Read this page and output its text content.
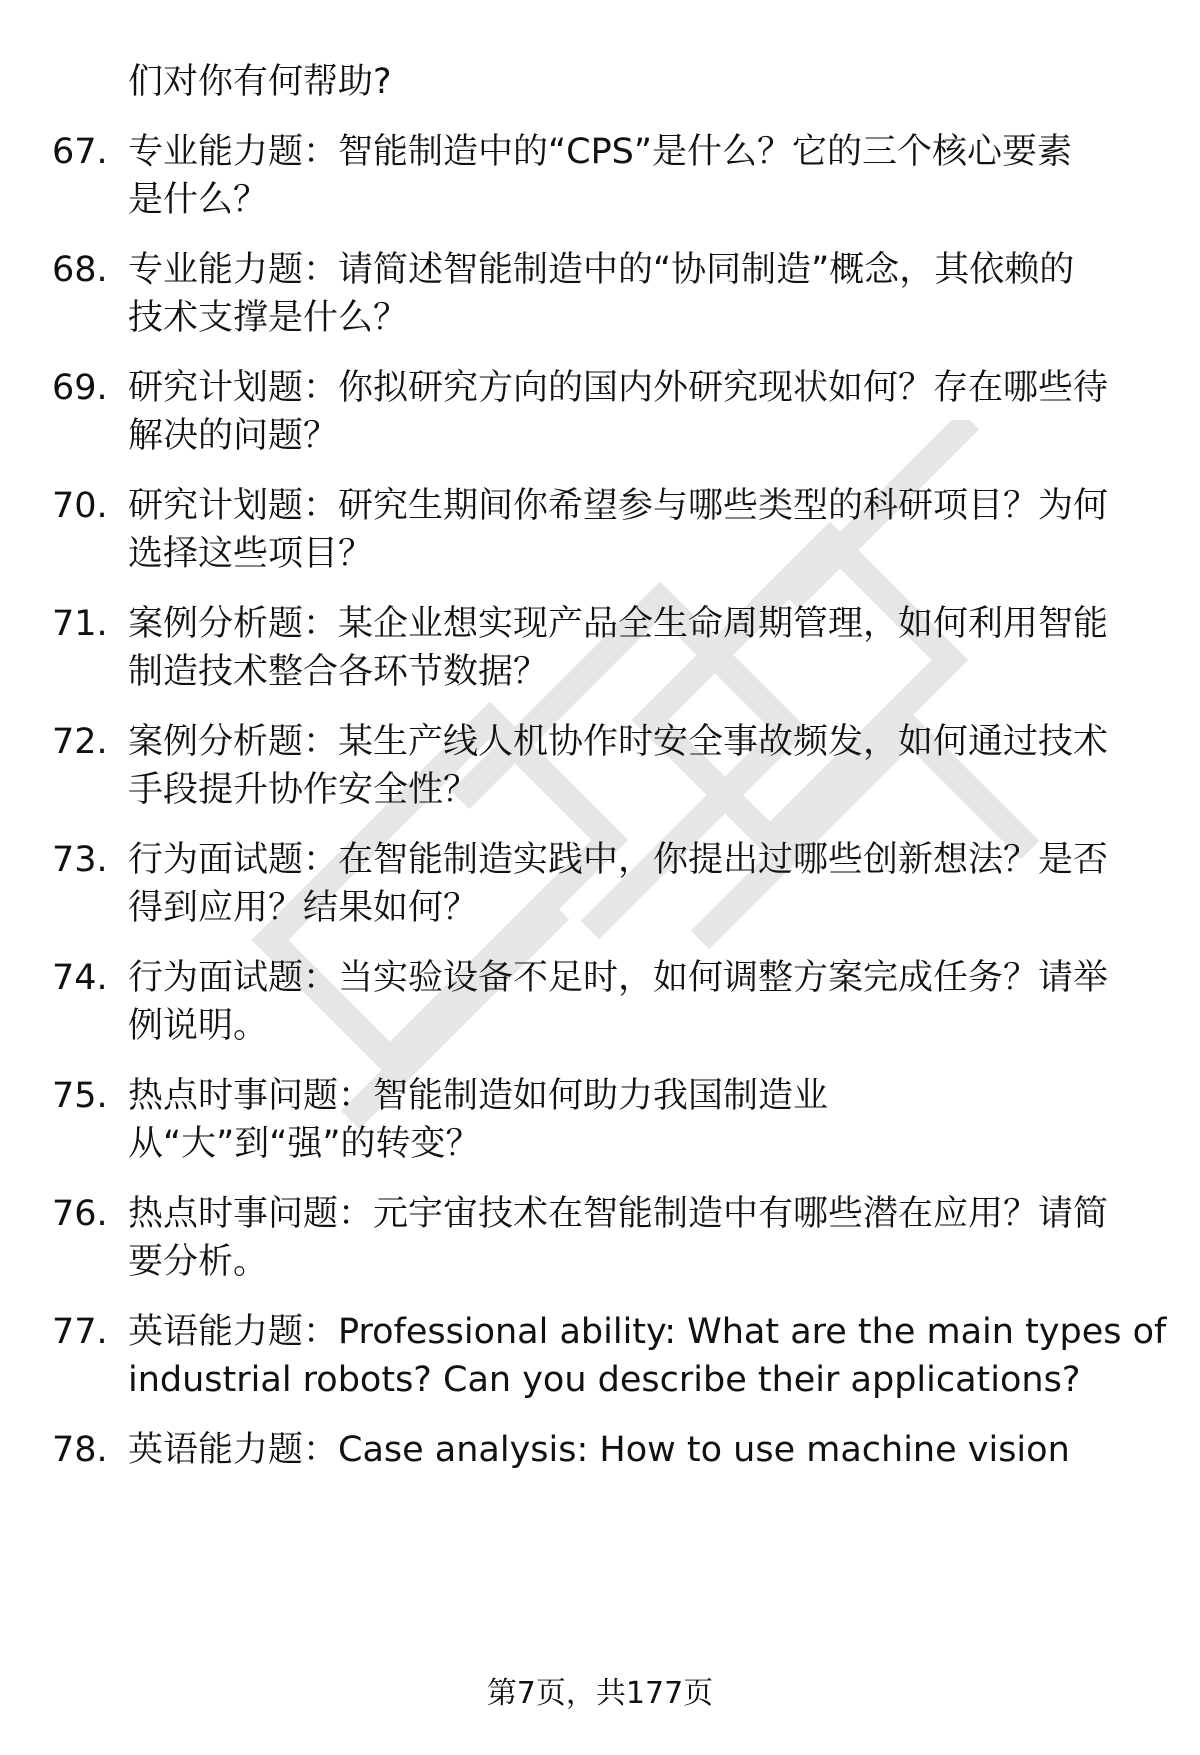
们对你有何帮助?
67. 专业能力题：智能制造中的“CPS”是什么？它的三个核心要素
是什么？
68. 专业能力题：请简述智能制造中的“协同制造”概念，其依赖的
技术支撑是什么？
69. 研究计划题：你拟研究方向的国内外研究现状如何？存在哪些待
解决的问题？
70. 研究计划题：研究生期间你希望参与哪些类型的科研项目？为何
选择这些项目？
71. 案例分析题：某企业想实现产品全生命周期管理，如何利用智能
制造技术整合各环节数据？
72. 案例分析题：某生产线人机协作时安全事故频发，如何通过技术
手段提升协作安全性？
73. 行为面试题：在智能制造实践中，你提出过哪些创新想法？是否
得到应用？结果如何？
74. 行为面试题：当实验设备不足时，如何调整方案完成任务？请举
例说明。
75. 热点时事问题：智能制造如何助力我国制造业
从“大”到“强”的转变？
76. 热点时事问题：元宇宙技术在智能制造中有哪些潜在应用？请简
要分析。
77. 英语能力题：Professional ability: What are the main types of
industrial robots? Can you describe their applications?
78. 英语能力题：Case analysis: How to use machine vision
第7页，共177页
